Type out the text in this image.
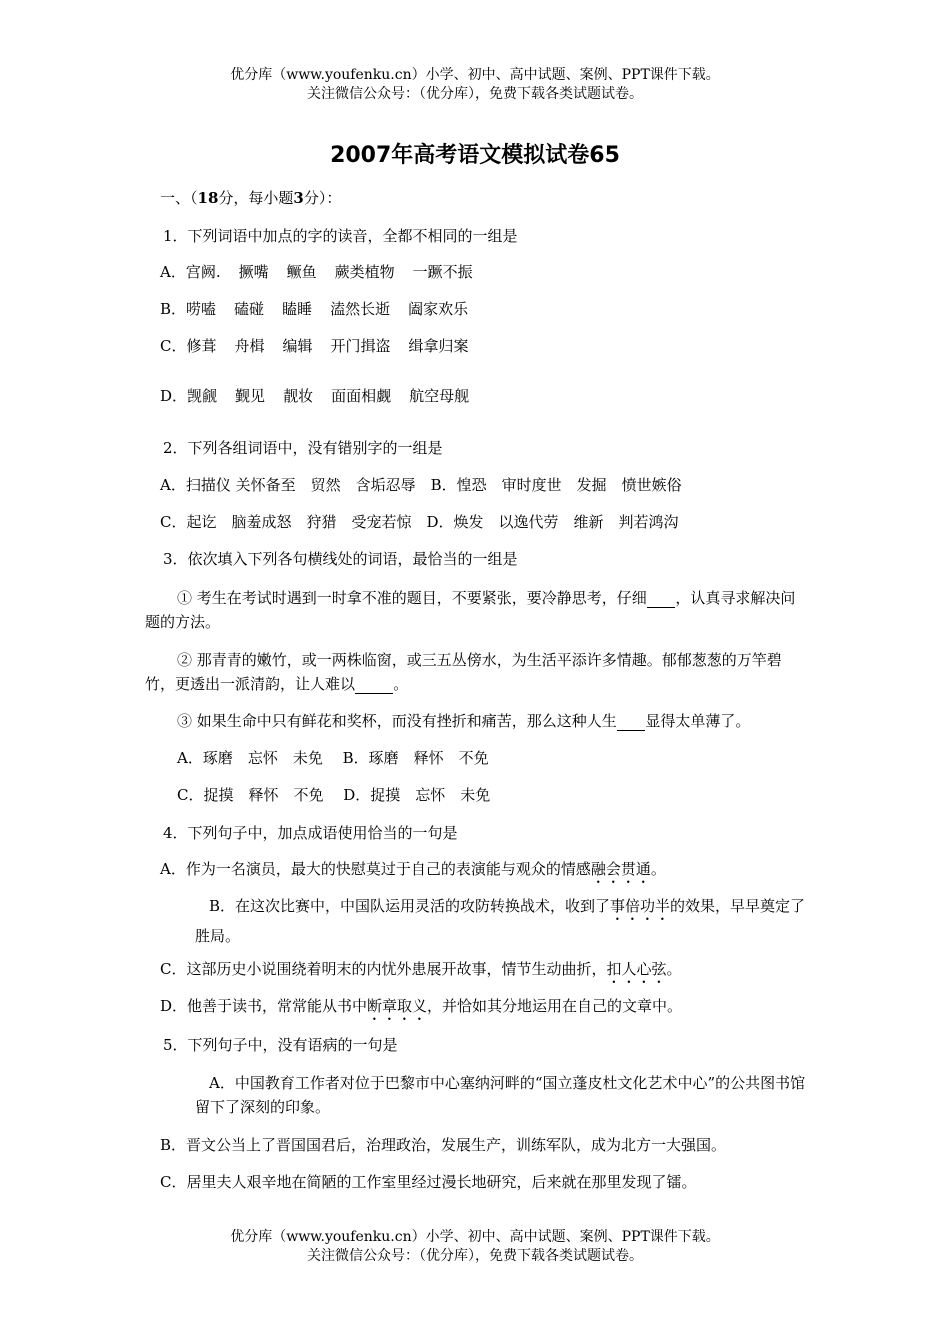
优分库（www.youfenku.cn）小学、初中、高中试题、案例、PPT课件下载。
关注微信公众号：（优分库），免费下载各类试题试卷。
2007年高考语文模拟试卷65
一、（18分，每小题3分）：
1．下列词语中加点的字的读音，全都不相同的一组是
A．宫阙. 撅嘴 鳜鱼 蕨类植物 一蹶不振
B．唠嗑 磕碰 瞌睡 溘然长逝 阖家欢乐
C．修葺 舟楫 编辑 开门揖盗 缉拿归案
D．觊觎 觐见 靓妆 面面相觑 航空母舰
2．下列各组词语中，没有错别字的一组是
A．扫描仪 关怀备至　贸然　含垢忍辱　B．惶恐　审时度世　发掘　愤世嫉俗
C．起讫　脑羞成怒　狩猎　受宠若惊　D．焕发　以逸代劳　维新　判若鸿沟
3．依次填入下列各句横线处的词语，最恰当的一组是
① 考生在考试时遇到一时拿不准的题目，不要紧张，要冷静思考，仔细    ，认真寻求解决问题的方法。
② 那青青的嫩竹，或一两株临窗，或三五丛傍水，为生活平添许多情趣。郁郁葱葱的万竿碧竹，更透出一派清韵，让人难以    	。
③ 如果生命中只有鲜花和奖杯，而没有挫折和痛苦，那么这种人生    显得太单薄了。
A．琢磨　忘怀　未免　 B．琢磨　释怀　不免
C．捉摸　释怀　不免　 D．捉摸　忘怀　未免
4．下列句子中，加点成语使用恰当的一句是
A．作为一名演员，最大的快慰莫过于自己的表演能与观众的情感融会贯通。
B．在这次比赛中，中国队运用灵活的攻防转换战术，收到了事倍功半的效果，早早奠定了胜局。
C．这部历史小说围绕着明末的内忧外患展开故事，情节生动曲折，扣人心弦。
D．他善于读书，常常能从书中断章取义，并恰如其分地运用在自己的文章中。
5．下列句子中，没有语病的一句是
A．中国教育工作者对位于巴黎市中心塞纳河畔的“国立蓬皮杜文化艺术中心”的公共图书馆留下了深刻的印象。
B．晋文公当上了晋国国君后，治理政治，发展生产，训练军队，成为北方一大强国。
C．居里夫人艰辛地在简陋的工作室里经过漫长地研究，后来就在那里发现了镭。
优分库（www.youfenku.cn）小学、初中、高中试题、案例、PPT课件下载。
关注微信公众号：（优分库），免费下载各类试题试卷。
